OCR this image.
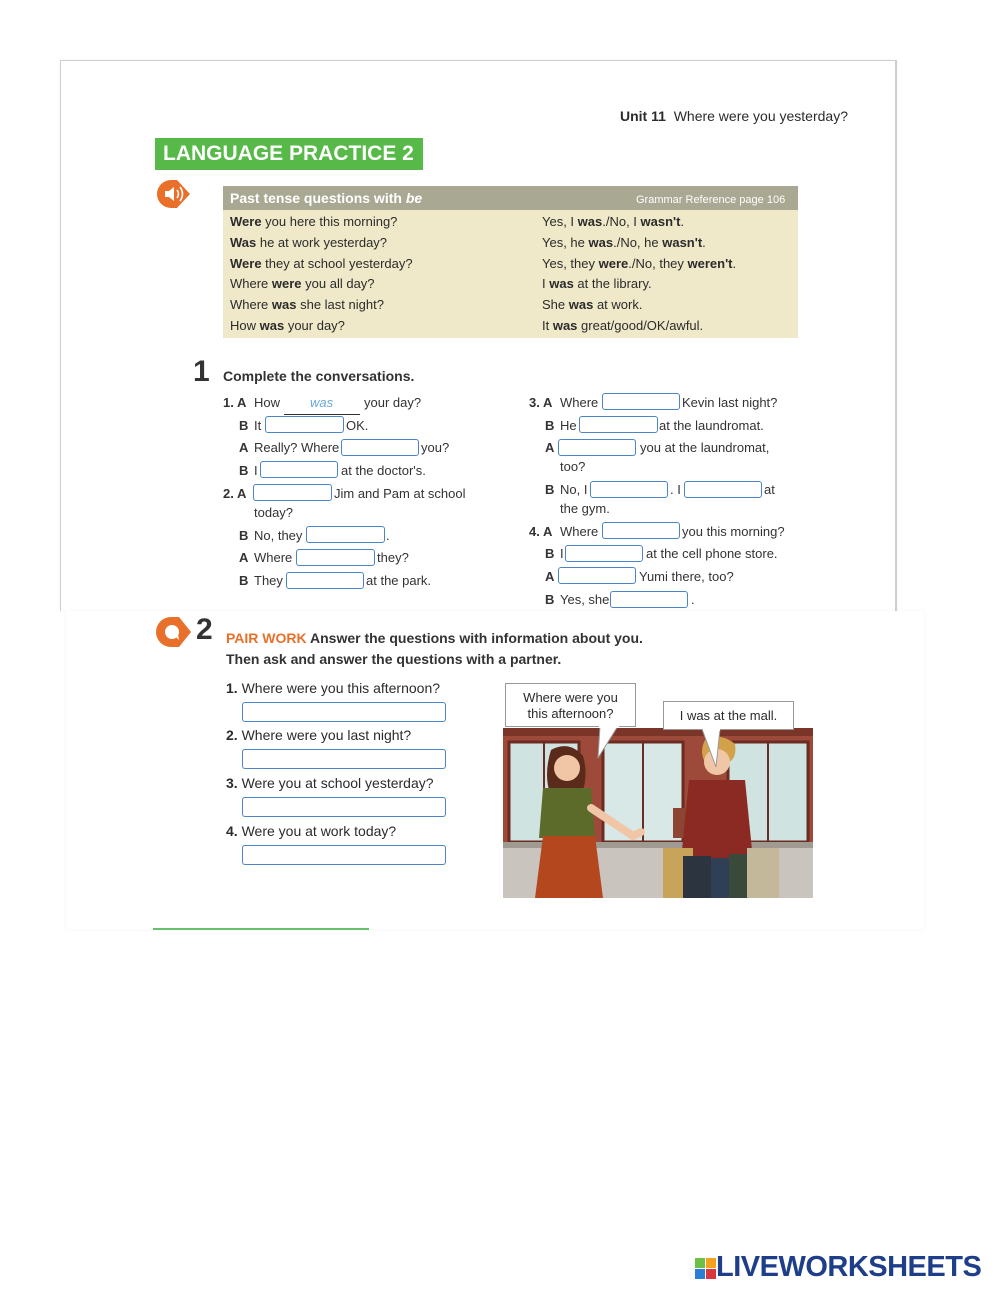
Unit 11 Where were you yesterday?
LANGUAGE PRACTICE 2
Past tense questions with be	Grammar Reference page 106
Were you here this morning?	Yes, I was./No, I wasn't.
Was he at work yesterday?	Yes, he was./No, he wasn't.
Were they at school yesterday?	Yes, they were./No, they weren't.
Where were you all day?	I was at the library.
Where was she last night?	She was at work.
How was your day?	It was great/good/OK/awful.
1 Complete the conversations.
was
1. A How	your day?
B It	OK.
A Really? Where	you?
B I	at the doctor's.
2. A	Jim and Pam at school
today?
B No, they	.
A Where	they?
B They	at the park.
3. A Where	Kevin last night?
B He	at the laundromat.
A	you at the laundromat,
too?
B No, I	. I	at
the gym.
4. A Where	you this morning?
B I	at the cell phone store.
A	Yumi there, too?
B Yes, she	.
2 PAIR WORK Answer the questions with information about you.
Then ask and answer the questions with a partner.
1. Where were you this afternoon?
2. Where were you last night?
3. Were you at school yesterday?
4. Were you at work today?
Where were you
this afternoon?	I was at the mall.
LIVEWORKSHEETS
